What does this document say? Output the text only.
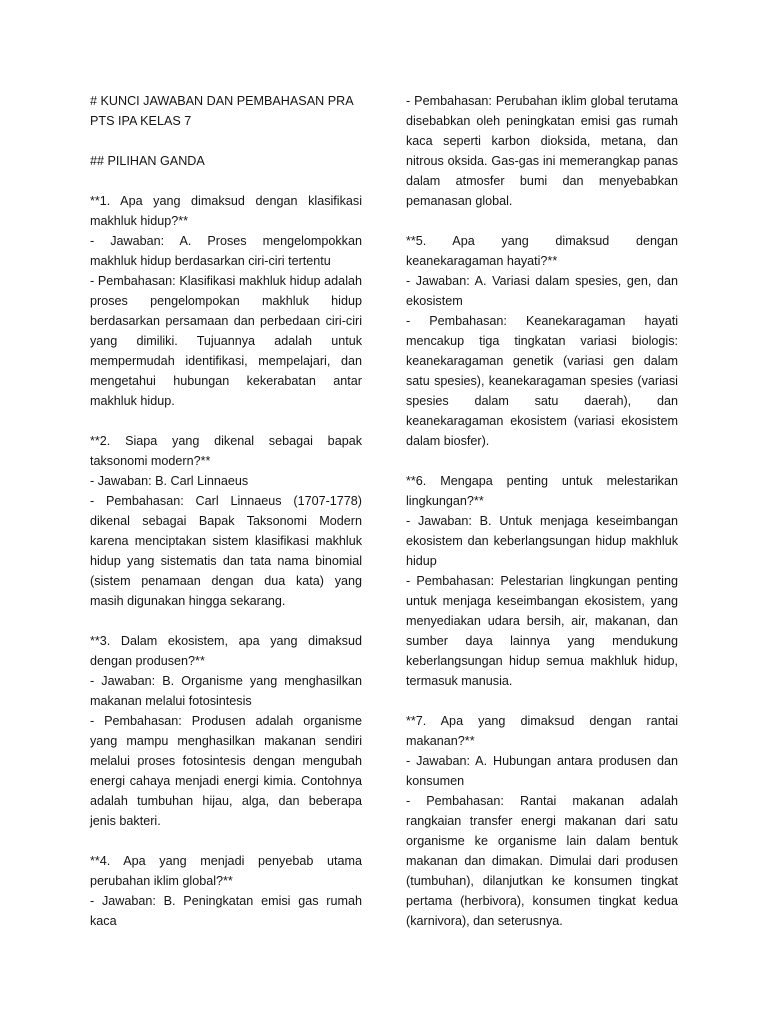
# KUNCI JAWABAN DAN PEMBAHASAN PRA PTS IPA KELAS 7

## PILIHAN GANDA

**1. Apa yang dimaksud dengan klasifikasi makhluk hidup?**

- Jawaban: A. Proses mengelompokkan makhluk hidup berdasarkan ciri-ciri tertentu

- Pembahasan: Klasifikasi makhluk hidup adalah proses pengelompokan makhluk hidup berdasarkan persamaan dan perbedaan ciri-ciri yang dimiliki. Tujuannya adalah untuk mempermudah identifikasi, mempelajari, dan mengetahui hubungan kekerabatan antar makhluk hidup.

**2. Siapa yang dikenal sebagai bapak taksonomi modern?**

- Jawaban: B. Carl Linnaeus

- Pembahasan: Carl Linnaeus (1707-1778) dikenal sebagai Bapak Taksonomi Modern karena menciptakan sistem klasifikasi makhluk hidup yang sistematis dan tata nama binomial (sistem penamaan dengan dua kata) yang masih digunakan hingga sekarang.

**3. Dalam ekosistem, apa yang dimaksud dengan produsen?**

- Jawaban: B. Organisme yang menghasilkan makanan melalui fotosintesis

- Pembahasan: Produsen adalah organisme yang mampu menghasilkan makanan sendiri melalui proses fotosintesis dengan mengubah energi cahaya menjadi energi kimia. Contohnya adalah tumbuhan hijau, alga, dan beberapa jenis bakteri.

**4. Apa yang menjadi penyebab utama perubahan iklim global?**

- Jawaban: B. Peningkatan emisi gas rumah kaca

- Pembahasan: Perubahan iklim global terutama disebabkan oleh peningkatan emisi gas rumah kaca seperti karbon dioksida, metana, dan nitrous oksida. Gas-gas ini memerangkap panas dalam atmosfer bumi dan menyebabkan pemanasan global.

**5. Apa yang dimaksud dengan keanekaragaman hayati?**

- Jawaban: A. Variasi dalam spesies, gen, dan ekosistem

- Pembahasan: Keanekaragaman hayati mencakup tiga tingkatan variasi biologis: keanekaragaman genetik (variasi gen dalam satu spesies), keanekaragaman spesies (variasi spesies dalam satu daerah), dan keanekaragaman ekosistem (variasi ekosistem dalam biosfer).

**6. Mengapa penting untuk melestarikan lingkungan?**

- Jawaban: B. Untuk menjaga keseimbangan ekosistem dan keberlangsungan hidup makhluk hidup

- Pembahasan: Pelestarian lingkungan penting untuk menjaga keseimbangan ekosistem, yang menyediakan udara bersih, air, makanan, dan sumber daya lainnya yang mendukung keberlangsungan hidup semua makhluk hidup, termasuk manusia.

**7. Apa yang dimaksud dengan rantai makanan?**

- Jawaban: A. Hubungan antara produsen dan konsumen

- Pembahasan: Rantai makanan adalah rangkaian transfer energi makanan dari satu organisme ke organisme lain dalam bentuk makanan dan dimakan. Dimulai dari produsen (tumbuhan), dilanjutkan ke konsumen tingkat pertama (herbivora), konsumen tingkat kedua (karnivora), dan seterusnya.
